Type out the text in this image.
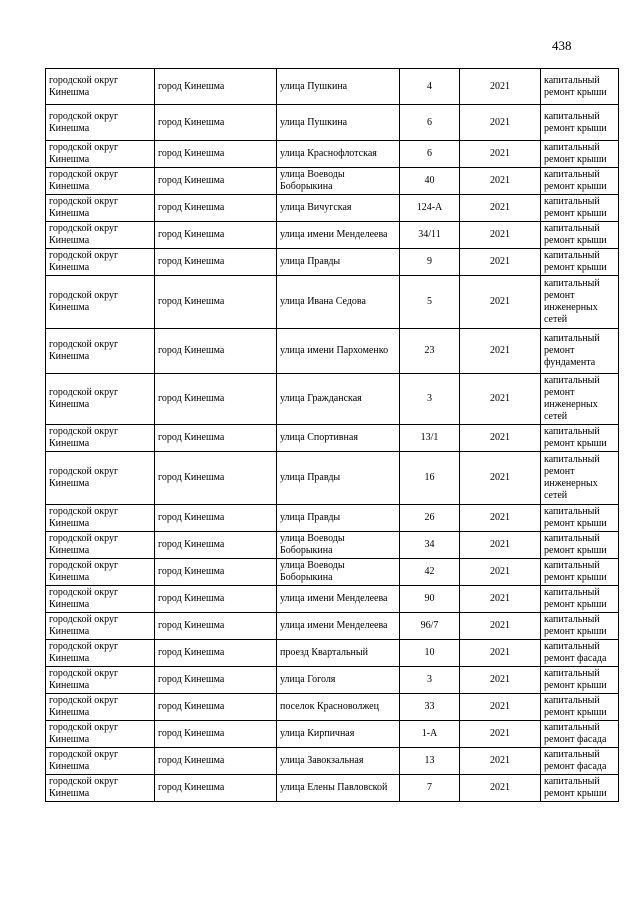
438
городской округ Кинешма	город Кинешма	улица Пушкина	4	2021	капитальный ремонт крыши
городской округ Кинешма	город Кинешма	улица Пушкина	6	2021	капитальный ремонт крыши
городской округ Кинешма	город Кинешма	улица Краснофлотская	6	2021	капитальный ремонт крыши
городской округ Кинешма	город Кинешма	улица Воеводы Боборыкина	40	2021	капитальный ремонт крыши
городской округ Кинешма	город Кинешма	улица Вичугская	124-А	2021	капитальный ремонт крыши
городской округ Кинешма	город Кинешма	улица имени Менделеева	34/11	2021	капитальный ремонт крыши
городской округ Кинешма	город Кинешма	улица Правды	9	2021	капитальный ремонт крыши
городской округ Кинешма	город Кинешма	улица Ивана Седова	5	2021	капитальный ремонт инженерных сетей
городской округ Кинешма	город Кинешма	улица имени Пархоменко	23	2021	капитальный ремонт фундамента
городской округ Кинешма	город Кинешма	улица Гражданская	3	2021	капитальный ремонт инженерных сетей
городской округ Кинешма	город Кинешма	улица Спортивная	13/1	2021	капитальный ремонт крыши
городской округ Кинешма	город Кинешма	улица Правды	16	2021	капитальный ремонт инженерных сетей
городской округ Кинешма	город Кинешма	улица Правды	26	2021	капитальный ремонт крыши
городской округ Кинешма	город Кинешма	улица Воеводы Боборыкина	34	2021	капитальный ремонт крыши
городской округ Кинешма	город Кинешма	улица Воеводы Боборыкина	42	2021	капитальный ремонт крыши
городской округ Кинешма	город Кинешма	улица имени Менделеева	90	2021	капитальный ремонт крыши
городской округ Кинешма	город Кинешма	улица имени Менделеева	96/7	2021	капитальный ремонт крыши
городской округ Кинешма	город Кинешма	проезд Квартальный	10	2021	капитальный ремонт фасада
городской округ Кинешма	город Кинешма	улица Гоголя	3	2021	капитальный ремонт крыши
городской округ Кинешма	город Кинешма	поселок Красноволжец	33	2021	капитальный ремонт крыши
городской округ Кинешма	город Кинешма	улица Кирпичная	1-А	2021	капитальный ремонт фасада
городской округ Кинешма	город Кинешма	улица Завокзальная	13	2021	капитальный ремонт фасада
городской округ Кинешма	город Кинешма	улица Елены Павловской	7	2021	капитальный ремонт крыши
